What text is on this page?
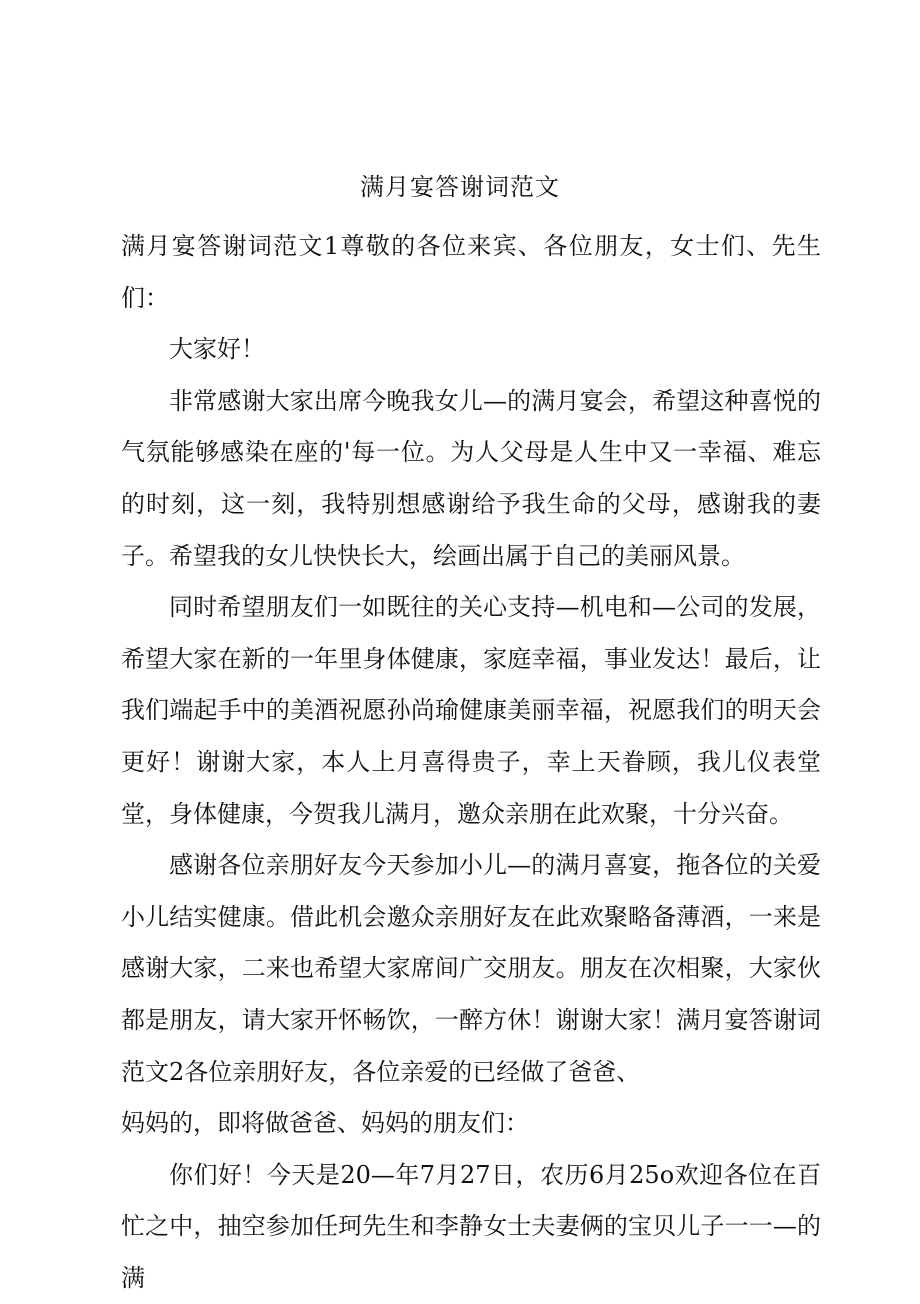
满月宴答谢词范文

满月宴答谢词范文1尊敬的各位来宾、各位朋友，女士们、先生们：

大家好！

非常感谢大家出席今晚我女儿—的满月宴会，希望这种喜悦的气氛能够感染在座的'每一位。为人父母是人生中又一幸福、难忘的时刻，这一刻，我特别想感谢给予我生命的父母，感谢我的妻子。希望我的女儿快快长大，绘画出属于自己的美丽风景。

同时希望朋友们一如既往的关心支持—机电和—公司的发展，希望大家在新的一年里身体健康，家庭幸福，事业发达！最后，让我们端起手中的美酒祝愿孙尚瑜健康美丽幸福，祝愿我们的明天会更好！谢谢大家，本人上月喜得贵子，幸上天眷顾，我儿仪表堂堂，身体健康，今贺我儿满月，邀众亲朋在此欢聚，十分兴奋。

感谢各位亲朋好友今天参加小儿—的满月喜宴，拖各位的关爱小儿结实健康。借此机会邀众亲朋好友在此欢聚略备薄酒，一来是感谢大家，二来也希望大家席间广交朋友。朋友在次相聚，大家伙都是朋友，请大家开怀畅饮，一醉方休！谢谢大家！满月宴答谢词范文2各位亲朋好友，各位亲爱的已经做了爸爸、

妈妈的，即将做爸爸、妈妈的朋友们：

你们好！今天是20—年7月27日，农历6月25o欢迎各位在百忙之中，抽空参加任珂先生和李静女士夫妻俩的宝贝儿子一一—的满
